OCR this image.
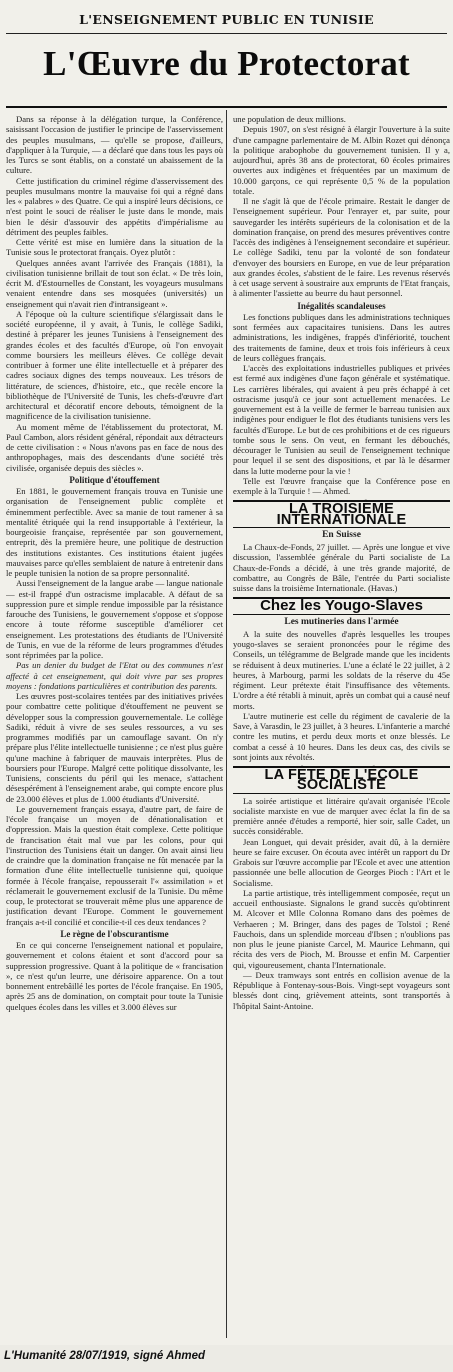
L'ENSEIGNEMENT PUBLIC EN TUNISIE
L'Œuvre du Protectorat

Dans sa réponse à la délégation turque, la Conférence, saisissant l'occasion de justifier le principe de l'asservissement des peuples musulmans, — qu'elle se propose, d'ailleurs, d'appliquer à la Turquie, — a déclaré que dans tous les pays où les Turcs se sont établis, on a constaté un abaissement de la culture.

Cette justification du criminel régime d'asservissement des peuples musulmans montre la mauvaise foi qui a régné dans les « palabres » des Quatre. Ce qui a inspiré leurs décisions, ce n'est point le souci de réaliser le juste dans le monde, mais bien le désir d'assouvir des appétits d'impérialisme au détriment des peuples faibles.

Cette vérité est mise en lumière dans la situation de la Tunisie sous le protectorat français. Oyez plutôt :

Quelques années avant l'arrivée des Français (1881), la civilisation tunisienne brillait de tout son éclat. « De très loin, écrit M. d'Estournelles de Constant, les voyageurs musulmans venaient entendre dans ses mosquées (universités) un enseignement qui n'avait rien d'intransigeant ».

A l'époque où la culture scientifique s'élargissait dans le société européenne, il y avait, à Tunis, le collège Sadiki, destiné à préparer les jeunes Tunisiens à l'enseignement des grandes écoles et des facultés d'Europe, où l'on envoyait comme boursiers les meilleurs élèves. Ce collège devait contribuer à former une élite intellectuelle et à préparer des cadres sociaux dignes des temps nouveaux. Les trésors de littérature, de sciences, d'histoire, etc., que recèle encore la bibliothèque de l'Université de Tunis, les chefs-d'œuvre d'art architectural et décoratif encore debouts, témoignent de la magnificence de la civilisation tunisienne.

Au moment même de l'établissement du protectorat, M. Paul Cambon, alors résident général, répondait aux détracteurs de cette civilisation : « Nous n'avons pas en face de nous des anthropophages, mais des descendants d'une société très civilisée, organisée depuis des siècles ».

Politique d'étouffement

En 1881, le gouvernement français trouva en Tunisie une organisation de l'enseignement public complète et éminemment perfectible. Avec sa manie de tout ramener à sa mentalité étriquée qui la rend insupportable à l'extérieur, la bourgeoisie française, représentée par son gouvernement, entreprit, dès la première heure, une politique de destruction des institutions existantes. Ces institutions étaient jugées mauvaises parce qu'elles semblaient de nature à entretenir dans le peuple tunisien la notion de sa propre personnalité.

Aussi l'enseignement de la langue arabe — langue nationale — est-il frappé d'un ostracisme implacable. A défaut de sa suppression pure et simple rendue impossible par la résistance farouche des Tunisiens, le gouvernement s'oppose et s'oppose encore à toute réforme susceptible d'améliorer cet enseignement. Les protestations des étudiants de l'Université de Tunis, en vue de la réforme de leurs programmes d'études sont réprimées par la police.

Pas un denier du budget de l'Etat ou des communes n'est affecté à cet enseignement, qui doit vivre par ses propres moyens : fondations particulières et contribution des parents.

Les œuvres post-scolaires tentées par des initiatives privées pour combattre cette politique d'étouffement ne peuvent se développer sous la compression gouvernementale. Le collège Sadiki, réduit à vivre de ses seules ressources, a vu ses programmes modifiés par un camouflage savant. On n'y prépare plus l'élite intellectuelle tunisienne ; ce n'est plus guère qu'une machine à fabriquer de mauvais interprètes. Plus de boursiers pour l'Europe. Malgré cette politique dissolvante, les Tunisiens, conscients du péril qui les menace, s'attachent désespérément à l'enseignement arabe, qui compte encore plus de 23.000 élèves et plus de 1.000 étudiants d'Université.

Le gouvernement français essaya, d'autre part, de faire de l'école française un moyen de dénationalisation et d'oppression. Mais la question était complexe. Cette politique de francisation était mal vue par les colons, pour qui l'instruction des Tunisiens était un danger. On avait ainsi lieu de craindre que la domination française ne fût menacée par la formation d'une élite intellectuelle tunisienne qui, quoique formée à l'école française, repousserait l'« assimilation » et réclamerait le gouvernement exclusif de la Tunisie. Du même coup, le protectorat se trouverait même plus une apparence de justification devant l'Europe. Comment le gouvernement français a-t-il concilié et concilie-t-il ces deux tendances ?

Le règne de l'obscurantisme

En ce qui concerne l'enseignement national et populaire, gouvernement et colons étaient et sont d'accord pour sa suppression progressive. Quant à la politique de « francisation », ce n'est qu'un leurre, une dérisoire apparence. On a tout bonnement entrebâillé les portes de l'école française. En 1905, après 25 ans de domination, on comptait pour toute la Tunisie quelques écoles dans les villes et 3.000 élèves sur

une population de deux millions.

Depuis 1907, on s'est résigné à élargir l'ouverture à la suite d'une campagne parlementaire de M. Albin Rozet qui dénonça la politique arabophobe du gouvernement tunisien. Il y a, aujourd'hui, après 38 ans de protectorat, 60 écoles primaires ouvertes aux indigènes et fréquentées par un maximum de 10.000 garçons, ce qui représente 0,5 % de la population totale.

Il ne s'agit là que de l'école primaire. Restait le danger de l'enseignement supérieur. Pour l'enrayer et, par suite, pour sauvegarder les intérêts supérieurs de la colonisation et de la domination française, on prend des mesures préventives contre l'accès des indigènes à l'enseignement secondaire et supérieur. Le collège Sadiki, tenu par la volonté de son fondateur d'envoyer des boursiers en Europe, en vue de leur préparation aux grandes écoles, s'abstient de le faire. Les revenus réservés à cet usage servent à soustraire aux emprunts de l'Etat français, à alimenter l'assiette au beurre du haut personnel.

Inégalités scandaleuses

Les fonctions publiques dans les administrations techniques sont fermées aux capacitaires tunisiens. Dans les autres administrations, les indigènes, frappés d'infériorité, touchent des traitements de famine, deux et trois fois inférieurs à ceux de leurs collègues français.

L'accès des exploitations industrielles publiques et privées est fermé aux indigènes d'une façon générale et systématique. Les carrières libérales, qui avaient à peu près échappé à cet ostracisme jusqu'à ce jour sont actuellement menacées. Le gouvernement est à la veille de fermer le barreau tunisien aux indigènes pour endiguer le flot des étudiants tunisiens vers les facultés d'Europe. Le but de ces prohibitions et de ces rigueurs tombe sous le sens. On veut, en fermant les débouchés, décourager le Tunisien au seuil de l'enseignement technique pour lequel il se sent des dispositions, et par là le désarmer dans la lutte moderne pour la vie !

Telle est l'œuvre française que la Conférence pose en exemple à la Turquie ! — Ahmed.

LA TROISIÈME INTERNATIONALE
En Suisse

La Chaux-de-Fonds, 27 juillet. — Après une longue et vive discussion, l'assemblée générale du Parti socialiste de La Chaux-de-Fonds a décidé, à une très grande majorité, de combattre, au Congrès de Bâle, l'entrée du Parti socialiste suisse dans la troisième Internationale. (Havas.)

Chez les Yougo-Slaves
Les mutineries dans l'armée

A la suite des nouvelles d'après lesquelles les troupes yougo-slaves se seraient prononcées pour le régime des Conseils, un télégramme de Belgrade mande que les incidents se réduisent à deux mutineries. L'une a éclaté le 22 juillet, à 2 heures, à Marbourg, parmi les soldats de la réserve du 45e régiment. Leur prétexte était l'insuffisance des vêtements. L'ordre a été rétabli à minuit, après un combat qui a causé neuf morts.

L'autre mutinerie est celle du régiment de cavalerie de la Save, à Varasdin, le 23 juillet, à 3 heures. L'infanterie a marché contre les mutins, et perdu deux morts et onze blessés. Le combat a cessé à 10 heures. Dans les deux cas, des civils se sont joints aux révoltés.

LA FÊTE DE L'ÉCOLE SOCIALISTE

La soirée artistique et littéraire qu'avait organisée l'Ecole socialiste marxiste en vue de marquer avec éclat la fin de sa première année d'études a remporté, hier soir, salle Cadet, un succès considérable.

Jean Longuet, qui devait présider, avait dû, à la dernière heure se faire excuser. On écouta avec intérêt un rapport du Dr Grabois sur l'œuvre accomplie par l'Ecole et avec une attention passionnée une belle allocution de Georges Pioch : l'Art et le Socialisme.

La partie artistique, très intelligemment composée, reçut un accueil enthousiaste. Signalons le grand succès qu'obtinrent M. Alcover et Mlle Colonna Romano dans des poèmes de Verhaeren ; M. Bringer, dans des pages de Tolstoï ; René Fauchois, dans un splendide morceau d'Ibsen ; n'oublions pas non plus le jeune pianiste Carcel, M. Maurice Lehmann, qui récita des vers de Pioch, M. Brousse et enfin M. Carpentier qui, vigoureusement, chanta l'Internationale.

— Deux tramways sont entrés en collision avenue de la République à Fontenay-sous-Bois. Vingt-sept voyageurs sont blessés dont cinq, grièvement atteints, sont transportés à l'hôpital Saint-Antoine.

L'Humanité 28/07/1919, signé Ahmed
